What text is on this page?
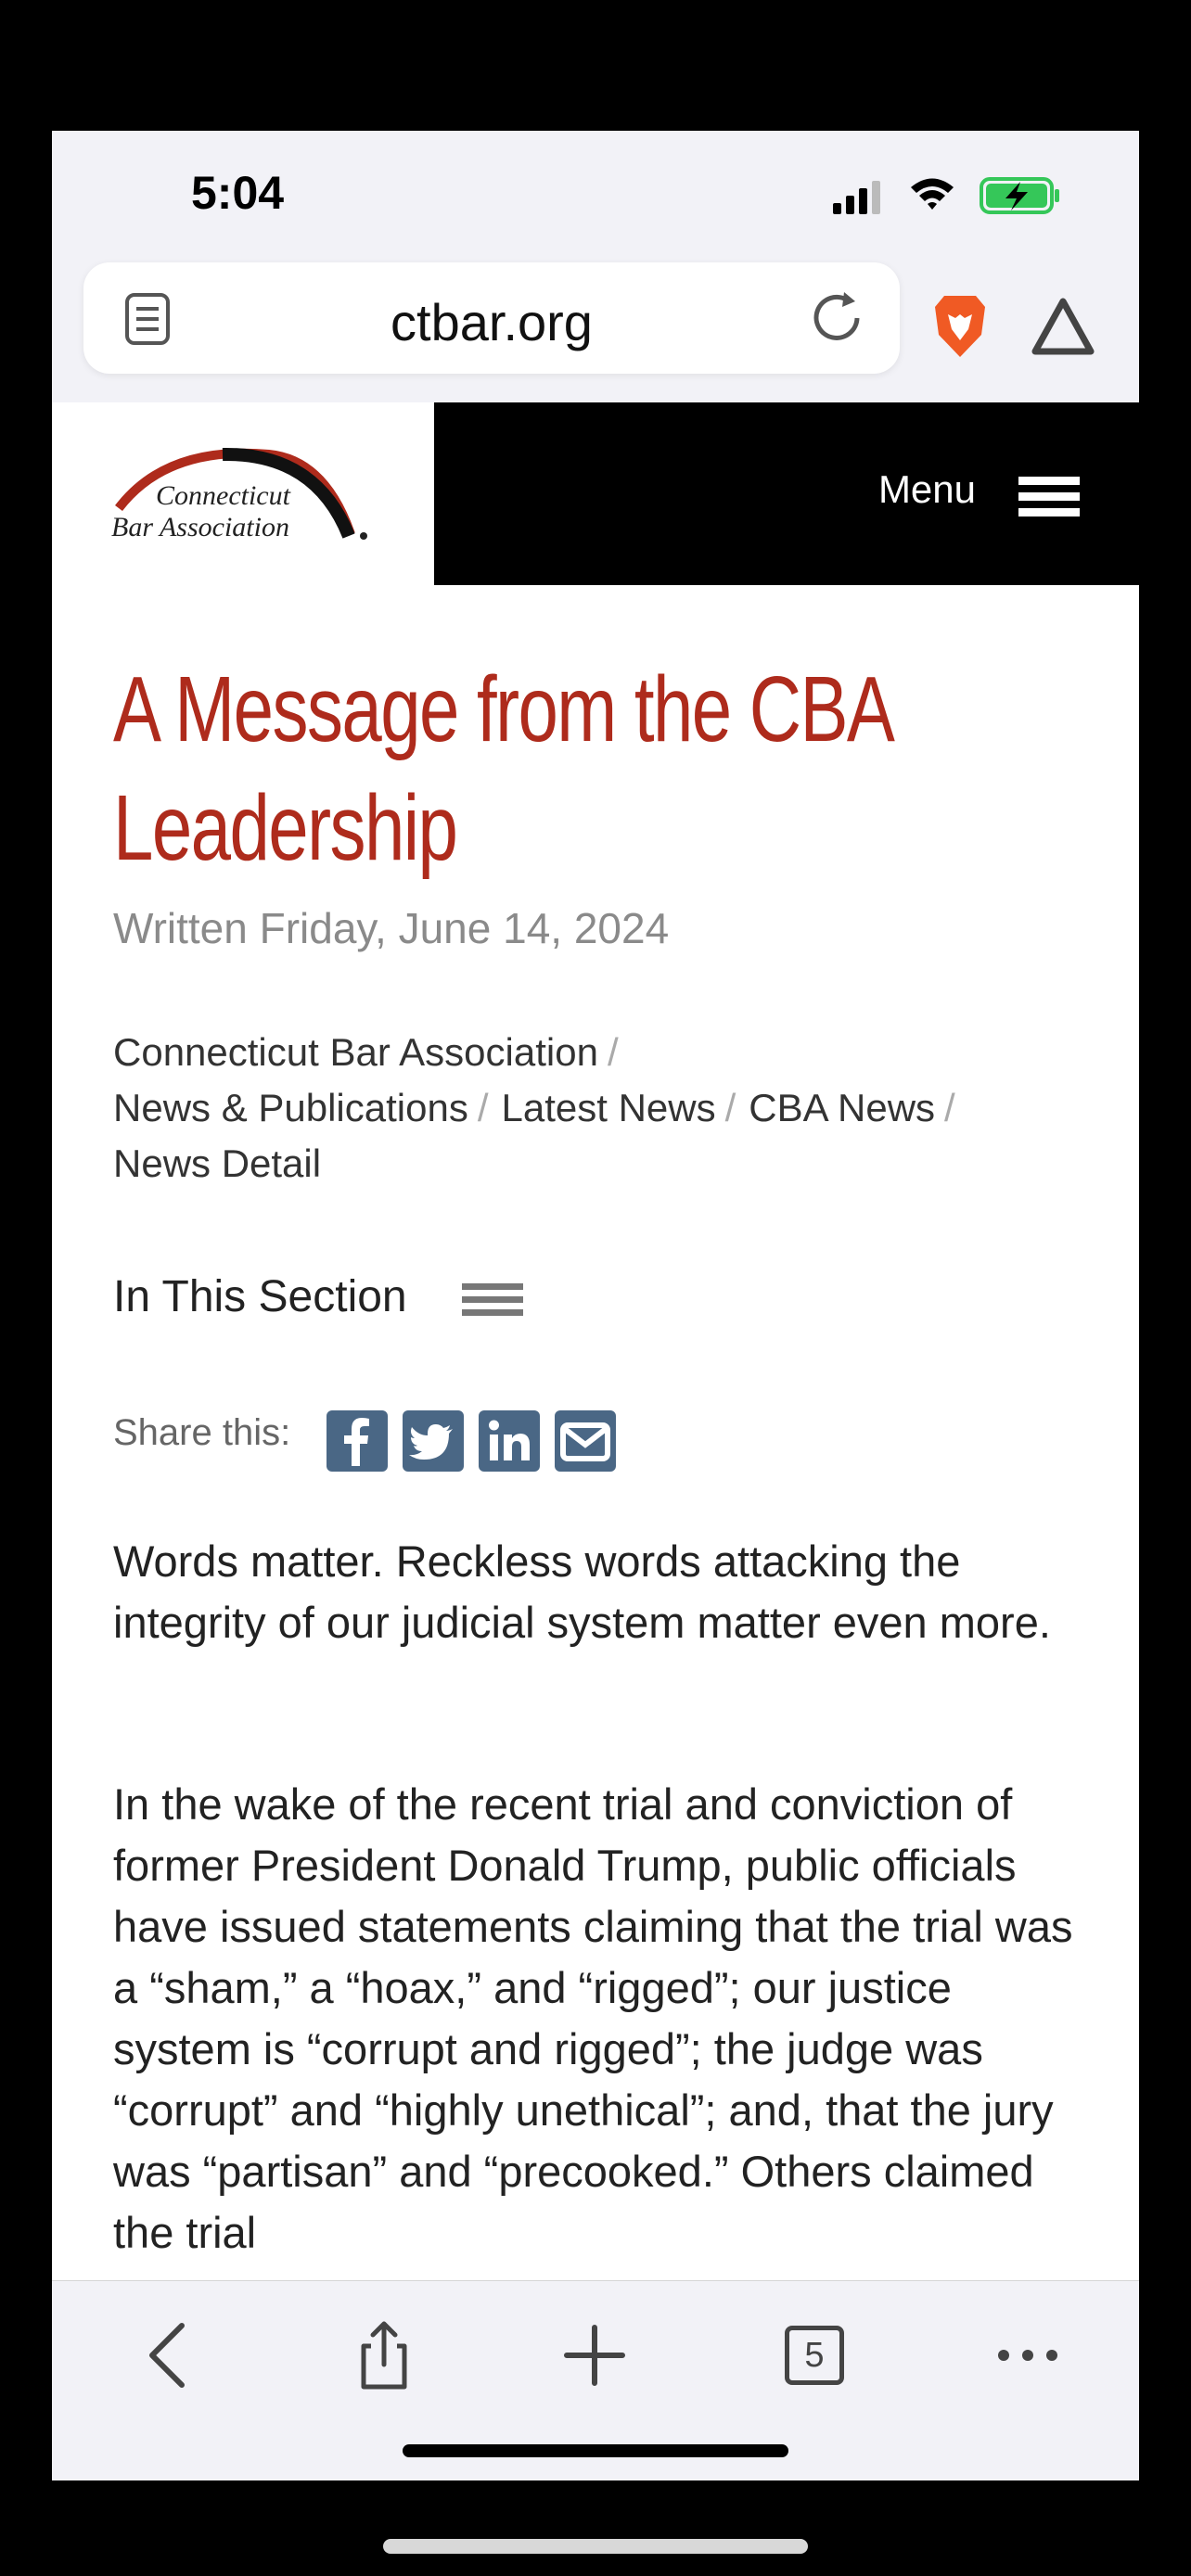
5:04
ctbar.org
Connecticut
Bar Association
Menu
A Message from the CBA
Leadership
Written Friday, June 14, 2024
Connecticut Bar Association /
News & Publications / Latest News / CBA News /
News Detail
In This Section
Share this:
Words matter. Reckless words attacking the integrity of our judicial system matter even more.
In the wake of the recent trial and conviction of former President Donald Trump, public officials have issued statements claiming that the trial was a “sham,” a “hoax,” and “rigged”; our justice system is “corrupt and rigged”; the judge was “corrupt” and “highly unethical”; and, that the jury was “partisan” and “precooked.” Others claimed the trial
5
